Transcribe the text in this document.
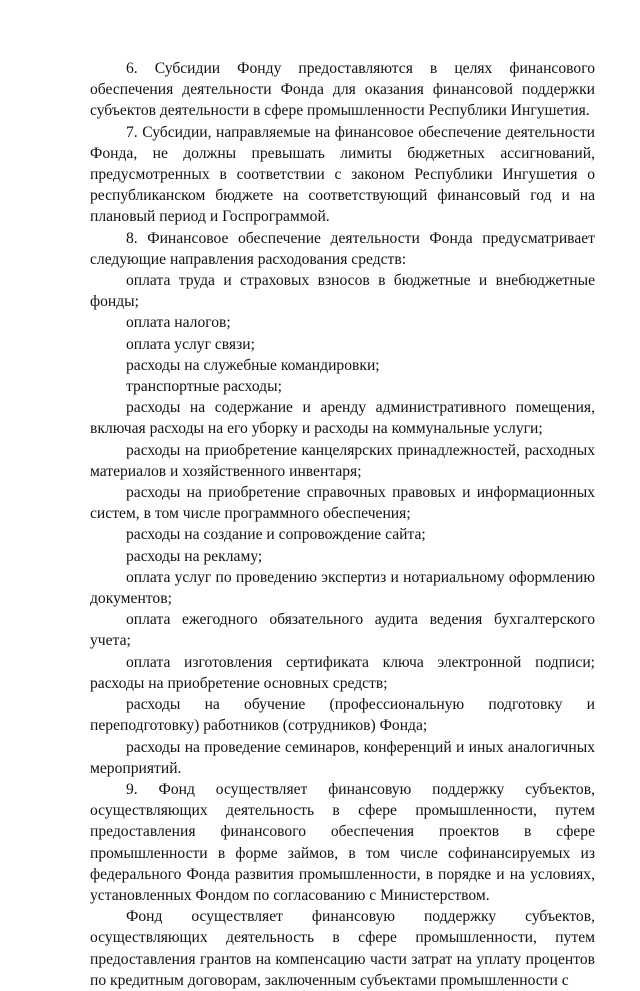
6. Субсидии Фонду предоставляются в целях финансового обеспечения деятельности Фонда для оказания финансовой поддержки субъектов деятельности в сфере промышленности Республики Ингушетия.

7. Субсидии, направляемые на финансовое обеспечение деятельности Фонда, не должны превышать лимиты бюджетных ассигнований, предусмотренных в соответствии с законом Республики Ингушетия о республиканском бюджете на соответствующий финансовый год и на плановый период и Госпрограммой.

8. Финансовое обеспечение деятельности Фонда предусматривает следующие направления расходования средств:

оплата труда и страховых взносов в бюджетные и внебюджетные фонды;

оплата налогов;

оплата услуг связи;

расходы на служебные командировки;

транспортные расходы;

расходы на содержание и аренду административного помещения, включая расходы на его уборку и расходы на коммунальные услуги;

расходы на приобретение канцелярских принадлежностей, расходных материалов и хозяйственного инвентаря;

расходы на приобретение справочных правовых и информационных систем, в том числе программного обеспечения;

расходы на создание и сопровождение сайта;

расходы на рекламу;

оплата услуг по проведению экспертиз и нотариальному оформлению документов;

оплата ежегодного обязательного аудита ведения бухгалтерского учета;

оплата изготовления сертификата ключа электронной подписи; расходы на приобретение основных средств;

расходы на обучение (профессиональную подготовку и переподготовку) работников (сотрудников) Фонда;

расходы на проведение семинаров, конференций и иных аналогичных мероприятий.

9. Фонд осуществляет финансовую поддержку субъектов, осуществляющих деятельность в сфере промышленности, путем предоставления финансового обеспечения проектов в сфере промышленности в форме займов, в том числе софинансируемых из федерального Фонда развития промышленности, в порядке и на условиях, установленных Фондом по согласованию с Министерством.

Фонд осуществляет финансовую поддержку субъектов, осуществляющих деятельность в сфере промышленности, путем предоставления грантов на компенсацию части затрат на уплату процентов по кредитным договорам, заключенным субъектами промышленности с
